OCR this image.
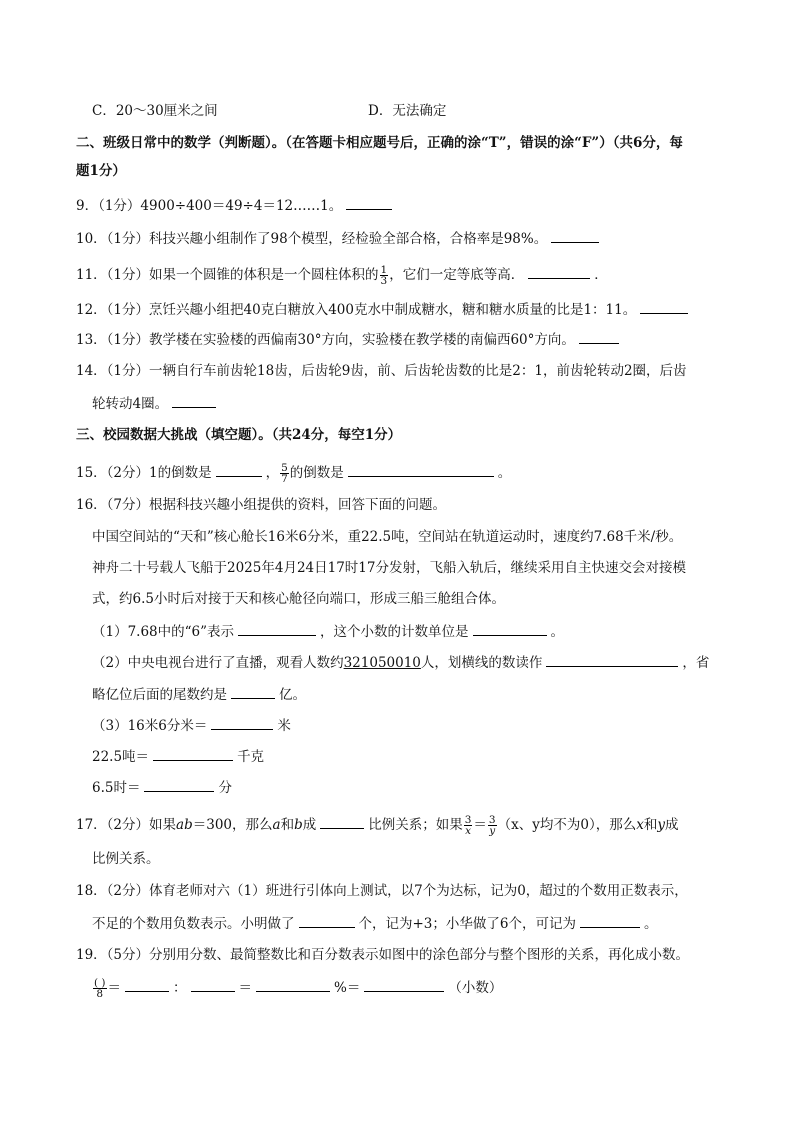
C．20～30厘米之间	D．无法确定
二、班级日常中的数学（判断题）。（在答题卡相应题号后，正确的涂“T”，错误的涂“F”）（共6分，每
题1分）
9．（1分）4900÷400＝49÷4＝12……1。
10．（1分）科技兴趣小组制作了98个模型，经检验全部合格，合格率是98%。
11．（1分）如果一个圆锥的体积是一个圆柱体积的 $\frac{1}{3}$ ，它们一定等底等高．	．
12．（1分）烹饪兴趣小组把40克白糖放入400克水中制成糖水，糖和糖水质量的比是1：11。
13．（1分）教学楼在实验楼的西偏南30°方向，实验楼在教学楼的南偏西60°方向。
14．（1分）一辆自行车前齿轮18齿，后齿轮9齿，前、后齿轮齿数的比是2：1，前齿轮转动2圈，后齿
轮转动4圈。
三、校园数据大挑战（填空题）。（共24分，每空1分）
15．（2分）1的倒数是	， $\frac{5}{7}$ 的倒数是	。
16．（7分）根据科技兴趣小组提供的资料，回答下面的问题。
中国空间站的“天和”核心舱长16米6分米，重22.5吨，空间站在轨道运动时，速度约7.68千米/秒。
神舟二十号载人飞船于2025年4月24日17时17分发射，飞船入轨后，继续采用自主快速交会对接模
式，约6.5小时后对接于天和核心舱径向端口，形成三船三舱组合体。
（1）7.68中的“6”表示	，这个小数的计数单位是	。
（2）中央电视台进行了直播，观看人数约321050010人，划横线的数读作	，省
略亿位后面的尾数约是	亿。
（3）16米6分米＝	米
22.5吨＝	千克
6.5时＝	分
17．（2分）如果ab＝300，那么a和b成	比例关系；如果 $\frac{3}{x} = \frac{3}{y} (x$、y均不为0），那么x和y成
比例关系。
18．（2分）体育老师对六（1）班进行引体向上测试，以7个为达标，记为0，超过的个数用正数表示，
不足的个数用负数表示。小明做了	个，记为+3；小华做了6个，可记为	。
19．（5分）分别用分数、最简整数比和百分数表示如图中的涂色部分与整个图形的关系，再化成小数。
$\frac{( )}{8}$ ＝	：	＝	%＝	（小数）
